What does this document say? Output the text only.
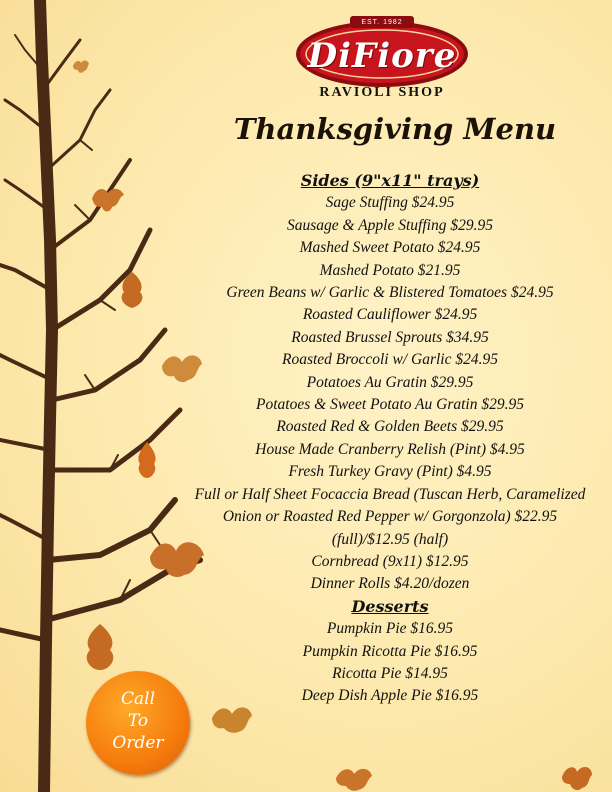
EST. 1982
DiFiore
RAVIOLI SHOP
Thanksgiving Menu
Sides (9"x11" trays)
Sage Stuffing $24.95
Sausage & Apple Stuffing $29.95
Mashed Sweet Potato $24.95
Mashed Potato $21.95
Green Beans w/ Garlic & Blistered Tomatoes $24.95
Roasted Cauliflower $24.95
Roasted Brussel Sprouts $34.95
Roasted Broccoli w/ Garlic $24.95
Potatoes Au Gratin $29.95
Potatoes & Sweet Potato Au Gratin $29.95
Roasted Red & Golden Beets $29.95
House Made Cranberry Relish (Pint) $4.95
Fresh Turkey Gravy (Pint) $4.95
Full or Half Sheet Focaccia Bread (Tuscan Herb, Caramelized Onion or Roasted Red Pepper w/ Gorgonzola) $22.95 (full)/$12.95 (half)
Cornbread (9x11) $12.95
Dinner Rolls $4.20/dozen
Desserts
Pumpkin Pie $16.95
Pumpkin Ricotta Pie $16.95
Ricotta Pie $14.95
Deep Dish Apple Pie $16.95
Call
To
Order
